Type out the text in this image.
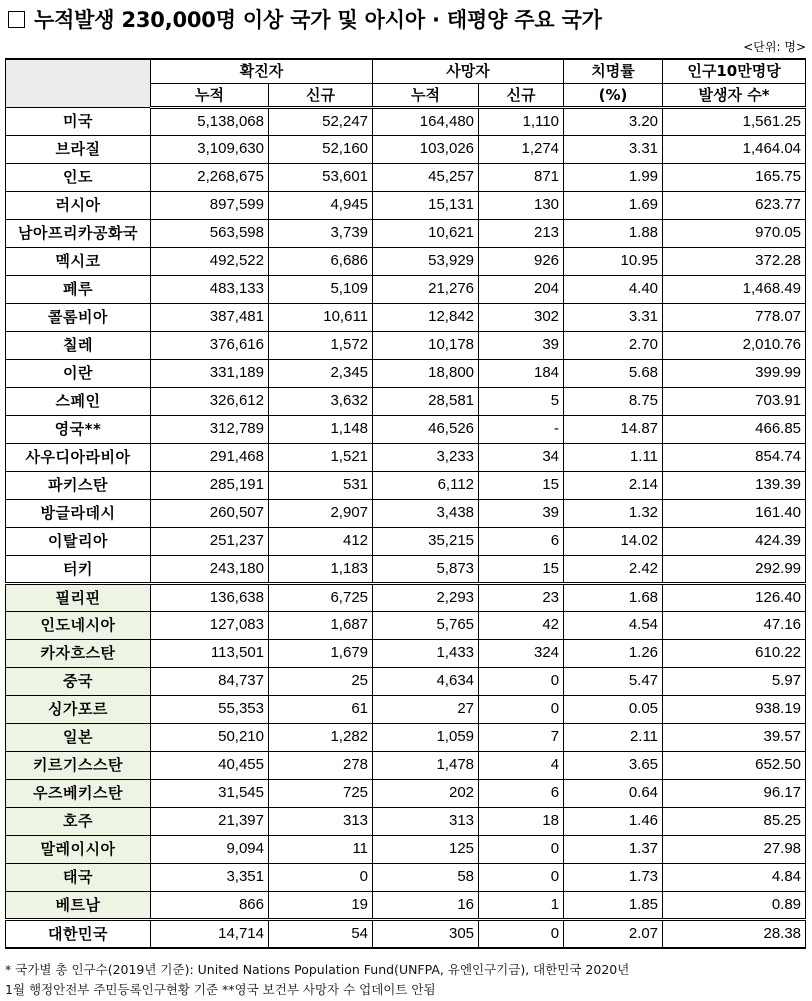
누적발생 230,000명 이상 국가 및 아시아 · 태평양 주요 국가
<단위: 명>
	확진자		사망자		치명률	인구10만명당
	누적	신규	누적	신규	(%)	발생자 수*
미국	5,138,068	52,247	164,480	1,110	3.20	1,561.25
브라질	3,109,630	52,160	103,026	1,274	3.31	1,464.04
인도	2,268,675	53,601	45,257	871	1.99	165.75
러시아	897,599	4,945	15,131	130	1.69	623.77
남아프리카공화국	563,598	3,739	10,621	213	1.88	970.05
멕시코	492,522	6,686	53,929	926	10.95	372.28
페루	483,133	5,109	21,276	204	4.40	1,468.49
콜롬비아	387,481	10,611	12,842	302	3.31	778.07
칠레	376,616	1,572	10,178	39	2.70	2,010.76
이란	331,189	2,345	18,800	184	5.68	399.99
스페인	326,612	3,632	28,581	5	8.75	703.91
영국**	312,789	1,148	46,526	-	14.87	466.85
사우디아라비아	291,468	1,521	3,233	34	1.11	854.74
파키스탄	285,191	531	6,112	15	2.14	139.39
방글라데시	260,507	2,907	3,438	39	1.32	161.40
이탈리아	251,237	412	35,215	6	14.02	424.39
터키	243,180	1,183	5,873	15	2.42	292.99
필리핀	136,638	6,725	2,293	23	1.68	126.40
인도네시아	127,083	1,687	5,765	42	4.54	47.16
카자흐스탄	113,501	1,679	1,433	324	1.26	610.22
중국	84,737	25	4,634	0	5.47	5.97
싱가포르	55,353	61	27	0	0.05	938.19
일본	50,210	1,282	1,059	7	2.11	39.57
키르기스스탄	40,455	278	1,478	4	3.65	652.50
우즈베키스탄	31,545	725	202	6	0.64	96.17
호주	21,397	313	313	18	1.46	85.25
말레이시아	9,094	11	125	0	1.37	27.98
태국	3,351	0	58	0	1.73	4.84
베트남	866	19	16	1	1.85	0.89
대한민국	14,714	54	305	0	2.07	28.38
* 국가별 총 인구수(2019년 기준): United Nations Population Fund(UNFPA, 유엔인구기금), 대한민국 2020년
1월 행정안전부 주민등록인구현황 기준 **영국 보건부 사망자 수 업데이트 안됨
